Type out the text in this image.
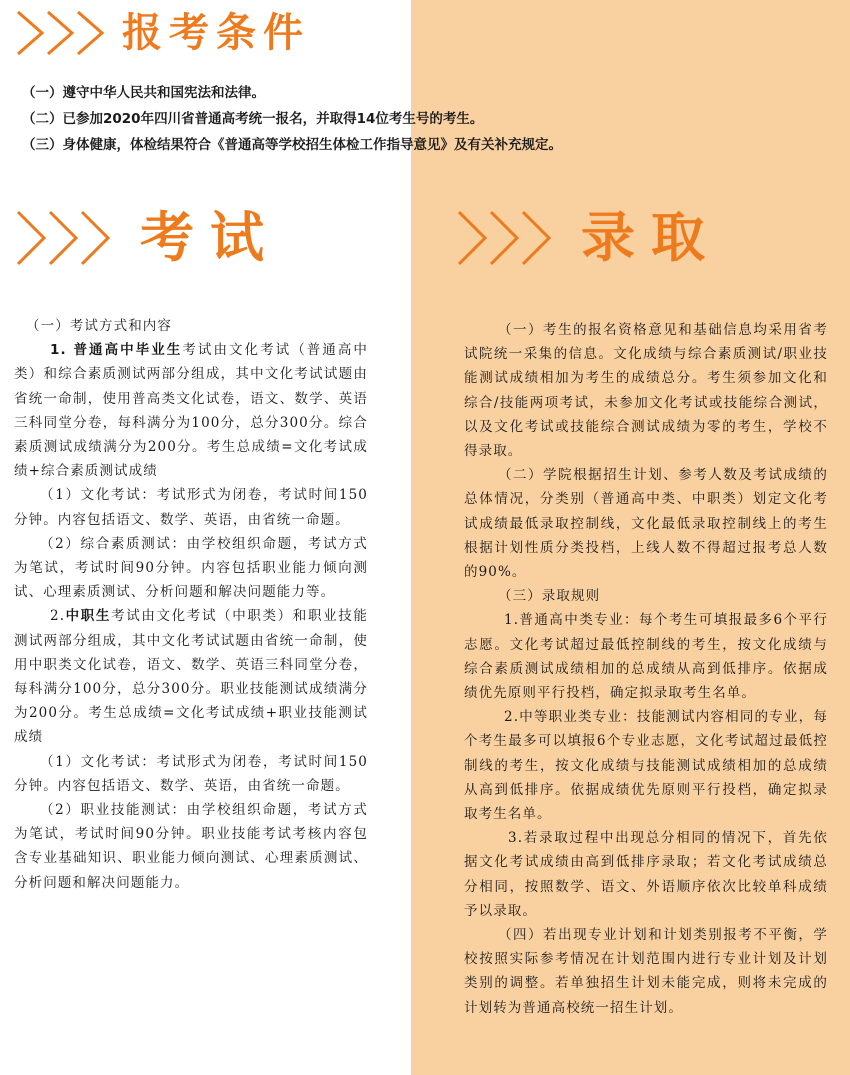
报考条件
（一）遵守中华人民共和国宪法和法律。
（二）已参加2020年四川省普通高考统一报名，并取得14位考生号的考生。
（三）身体健康，体检结果符合《普通高等学校招生体检工作指导意见》及有关补充规定。
考试	录取

（一）考试方式和内容

1. 普通高中毕业生考试由文化考试（普通高中类）和综合素质测试两部分组成，其中文化考试试题由省统一命制，使用普高类文化试卷，语文、数学、英语三科同堂分卷，每科满分为100分，总分300分。综合素质测试成绩满分为200分。考生总成绩=文化考试成绩+综合素质测试成绩

（1）文化考试：考试形式为闭卷，考试时间150分钟。内容包括语文、数学、英语，由省统一命题。

（2）综合素质测试：由学校组织命题，考试方式为笔试，考试时间90分钟。内容包括职业能力倾向测试、心理素质测试、分析问题和解决问题能力等。

2.中职生考试由文化考试（中职类）和职业技能测试两部分组成，其中文化考试试题由省统一命制，使用中职类文化试卷，语文、数学、英语三科同堂分卷，每科满分100分，总分300分。职业技能测试成绩满分为200分。考生总成绩=文化考试成绩+职业技能测试成绩

（1）文化考试：考试形式为闭卷，考试时间150分钟。内容包括语文、数学、英语，由省统一命题。

（2）职业技能测试：由学校组织命题，考试方式为笔试，考试时间90分钟。职业技能考试考核内容包含专业基础知识、职业能力倾向测试、心理素质测试、分析问题和解决问题能力。

（一）考生的报名资格意见和基础信息均采用省考试院统一采集的信息。文化成绩与综合素质测试/职业技能测试成绩相加为考生的成绩总分。考生须参加文化和综合/技能两项考试，未参加文化考试或技能综合测试，以及文化考试或技能综合测试成绩为零的考生，学校不得录取。

（二）学院根据招生计划、参考人数及考试成绩的总体情况，分类别（普通高中类、中职类）划定文化考试成绩最低录取控制线，文化最低录取控制线上的考生根据计划性质分类投档，上线人数不得超过报考总人数的90%。

（三）录取规则

1.普通高中类专业：每个考生可填报最多6个平行志愿。文化考试超过最低控制线的考生，按文化成绩与综合素质测试成绩相加的总成绩从高到低排序。依据成绩优先原则平行投档，确定拟录取考生名单。

2.中等职业类专业：技能测试内容相同的专业，每个考生最多可以填报6个专业志愿，文化考试超过最低控制线的考生，按文化成绩与技能测试成绩相加的总成绩从高到低排序。依据成绩优先原则平行投档，确定拟录取考生名单。

3.若录取过程中出现总分相同的情况下，首先依据文化考试成绩由高到低排序录取；若文化考试成绩总分相同，按照数学、语文、外语顺序依次比较单科成绩予以录取。

（四）若出现专业计划和计划类别报考不平衡，学校按照实际参考情况在计划范围内进行专业计划及计划类别的调整。若单独招生计划未能完成，则将未完成的计划转为普通高校统一招生计划。
